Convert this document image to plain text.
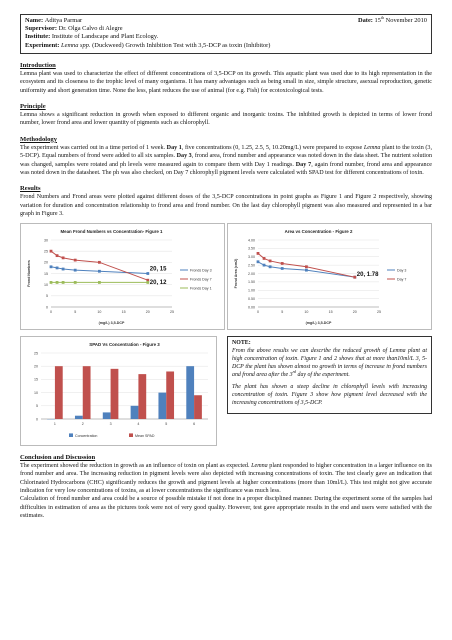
Name: Aditya Parmar	Date: 15th November 2010
Supervisor: Dr. Olga Calvo di Alegre
Institute: Institute of Landscape and Plant Ecology.
Experiment: Lemna spp. (Duckweed) Growth Inhibition Test with 3,5-DCP as toxin (Inhibitor)
Introduction

Lemna plant was used to characterize the effect of different concentrations of 3,5-DCP on its growth. This aquatic plant was used due to its high representation in the ecosystem and its closeness to the trophic level of many organisms. It has many advantages such as being small in size, simple structure, asexual reproduction, genetic uniformity and short generation time. None the less, plant reduces the use of animal (for e.g. Fish) for ecotoxicological tests.

Principle

Lemna shows a significant reduction in growth when exposed to different organic and inorganic toxins. The inhibited growth is depicted in terms of lower frond number, lower frond area and lower quantity of pigments such as chlorophyll.

Methodology

The experiment was carried out in a time period of 1 week. Day 1, five concentrations (0, 1.25, 2.5, 5, 10.20mg/L) were prepared to expose Lemna plant to the toxin (3, 5-DCP). Equal numbers of frond were added to all six samples. Day 3, frond area, frond number and appearance was noted down in the data sheet. The nutrient solution was changed, samples were rotated and ph levels were measured again to compare them with Day 1 readings. Day 7, again frond number, frond area and appearance was noted down in the datasheet. The ph was also checked, on Day 7 chlorophyll pigment levels were calculated with SPAD test for different concentrations of toxin.

Results

Frond Numbers and Frond areas were plotted against different doses of the 3,5-DCP concentrations in point graphs as Figure 1 and Figure 2 respectively, showing variation for duration and concentration relationship to frond area and frond number. On the last day chlorophyll pigment was also measured and represented in a bar graph in Figure 3.

Mean Frond Numbers vs Concentration- Figure 1
0
5
10
15
20
25
30
0	5	10	15	20	25
(mg/L) 3,5-DCP
Frond Numbers	Fronds Day 3
Fronds Day 7
Fronds Day 1
20, 15
20, 12
Area vs Concentration - Figure 2
0.00
0.50
1.00
1.50
2.00
2.50
3.00
3.50
4.00
0	5	10	15	20	25
(mg/L) 3,5-DCP
Frond Area (cm2)	Day 3
Day 7
20, 1.78
SPAD Vs Concentration - Figure 3
0
5
10
15
20
25
1	2	3	4	5	6
Concentration	Mean SPAD
NOTE:

From the above results we can describe the reduced growth of Lemna plant at high concentration of toxin. Figure 1 and 2 shows that at more than10ml/L 3, 5-DCP the plant has shown almost no growth in terms of increase in frond numbers and frond area after the 3rd day of the experiment.

The plant has shown a steep decline in chlorophyll levels with increasing concentration of toxin. Figure 3 show how pigment level decreased with the increasing concentrations of 3,5-DCP.

Conclusion and Discussion

The experiment showed the reduction in growth as an influence of toxin on plant as expected. Lemna plant responded to higher concentration in a larger influence on its frond number and area. The increasing reduction in pigment levels were also depicted with increasing concentrations of toxin. The test clearly gave an indication that Chlorinated Hydrocarbons (CHC) significantly reduces the growth and pigment levels at higher concentrations (more than 10ml/L). This test might not give accurate indication for very low concentrations of toxins, as at lower concentrations the significance was much less.

Calculation of frond number and area could be a source of possible mistake if not done in a proper disciplined manner. During the experiment some of the samples had difficulties in estimation of area as the pictures took were not of very good quality. However, test gave appropriate results in the end and users were satisfied with the estimates.
